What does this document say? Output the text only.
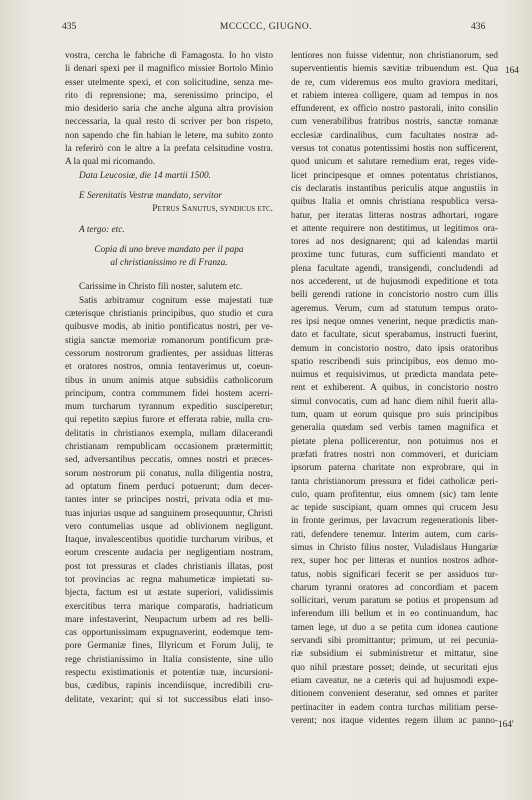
435	MCCCCC, GIUGNO.	436
vostra, cercha le fabriche di Famagosta. Io ho visto
li denari spexi per il magnifico missier Bortolo Minio
esser utelmente spexi, et con solicitudine, senza me-
rito di reprensione; ma, serenissimo principo, el
mio desiderio saria che anche alguna altra provision
neccessaria, la qual resto di scriver per bon rispeto,
non sapendo che fin habian le letere, ma subito zonto
la referirò con le altre a la prefata celsitudine vostra.
A la qual mi ricomando.
Data Leucosiæ, die 14 martii 1500.
E Serenitatis Vestræ mandato, servitor
Petrus Sanutus, syndicus etc.
A tergo: etc.
Copia di uno breve mandato per il papa
al christianissimo re di Franza.
Carissime in Christo fili noster, salutem etc.
Satis arbitramur cognitum esse majestati tuæ
cæterisque christianis principibus, quo studio et cura
quibusve modis, ab initio pontificatus nostri, per ve-
stigia sanctæ memoriæ romanorum pontificum præ-
cessorum nostrorum gradientes, per assiduas litteras
et oratores nostros, omnia tentaverimus ut, coeun-
tibus in unum animis atque subsidiis catholicorum
principum, contra communem fidei hostem acerri-
mum turcharum tyrannum expeditio susciperetur;
qui repetito sæpius furore et efferata rabie, nulla cru-
delitatis in christianos exempla, nullam dilacerandi
christianam rempublicam occasionem prætermittit;
sed, adversantibus peccatis, omnes nostri et præces-
sorum nostrorum pii conatus, nulla diligentia nostra,
ad optatum finem perduci potuerunt; dum decer-
tantes inter se principes nostri, privata odia et mu-
tuas injurias usque ad sanguinem prosequuntur, Christi
vero contumelias usque ad oblivionem negligunt.
Itaque, invalescentibus quotidie turcharum viribus, et
eorum crescente audacia per negligentiam nostram,
post tot pressuras et clades christianis illatas, post
tot provincias ac regna mahumeticæ impietati su-
bjecta, factum est ut æstate superiori, validissimis
exercitibus terra marique comparatis, hadriaticum
mare infestaverint, Neupactum urbem ad res belli-
cas opportunissimam expugnaverint, eodemque tem-
pore Germaniæ fines, Illyricum et Forum Julij, te
rege christianissimo in Italia consistente, sine ullo
respectu existimationis et potentiæ tuæ, incursioni-
bus, cædibus, rapinis incendiisque, incredibili cru-
delitate, vexarint; qui si tot successibus elati inso-
lentiores non fuisse videntur, non christianorum, sed
superventientis hiemis sævitiæ tribuendum est. Qua
de re, cum videremus eos multo graviora meditari,
et rabiem interea colligere, quam ad tempus in nos
effunderent, ex officio nostro pastorali, inito consilio
cum venerabilibus fratribus nostris, sanctæ romanæ
ecclesiæ cardinalibus, cum facultates nostræ ad-
versus tot conatus potentissimi hostis non sufficerent,
quod unicum et salutare remedium erat, reges vide-
licet principesque et omnes potentatus christianos,
cis declaratis instantibus periculis atque angustiis in
quibus Italia et omnis christiana respublica versa-
batur, per iteratas litteras nostras adhortari, rogare
et attente requirere non destitimus, ut legitimos ora-
tores ad nos designarent; qui ad kalendas martii
proxime tunc futuras, cum sufficienti mandato et
plena facultate agendi, transigendi, concludendi ad
nos accederent, ut de hujusmodi expeditione et tota
belli gerendi ratione in concistorio nostro cum illis
ageremus. Verum, cum ad statutum tempus orato-
res ipsi neque omnes venerint, neque prædictis man-
dato et facultate, sicut sperabamus, instructi fuerint,
demum in concistorio nostro, dato ipsis oratoribus
spatio rescribendi suis principibus, eos denuo mo-
nuimus et requisivimus, ut prædicta mandata pete-
rent et exhiberent. A quibus, in concistorio nostro
simul convocatis, cum ad hanc diem nihil fuerit alla-
tum, quam ut eorum quisque pro suis principibus
generalia quædam sed verbis tamen magnifica et
pietate plena pollicerentur, non potuimus nos et
præfati fratres nostri non commoveri, et duriciam
ipsorum paterna charitate non exprobrare, qui in
tanta christianorum pressura et fidei catholicæ peri-
culo, quam profitentur, eius omnem (sic) tam lente
ac tepide suscipiant, quam omnes qui crucem Jesu
in fronte gerimus, per lavacrum regenerationis liber-
rati, defendere tenemur. Interim autem, cum caris-
simus in Christo filius noster, Vuladislaus Hungariæ
rex, super hoc per litteras et nuntios nostros adhor-
tatus, nobis significari fecerit se per assiduos tur-
charum tyranni oratores ad concordiam et pacem
sollicitari, verum paratum se potius et propensum ad
inferendum illi bellum et in eo continuandum, hac
tamen lege, ut duo a se petita cum idonea cautione
servandi sibi promittantur; primum, ut rei pecunia-
riæ subsidium ei subministretur et mittatur, sine
quo nihil præstare posset; deinde, ut securitati ejus
etiam caveatur, ne a cæteris qui ad hujusmodi expe-
ditionem convenient deseratur, sed omnes et pariter
pertinaciter in eadem contra turchas militiam perse-
verent; nos itaque videntes regem illum ac panno-
164
164'
